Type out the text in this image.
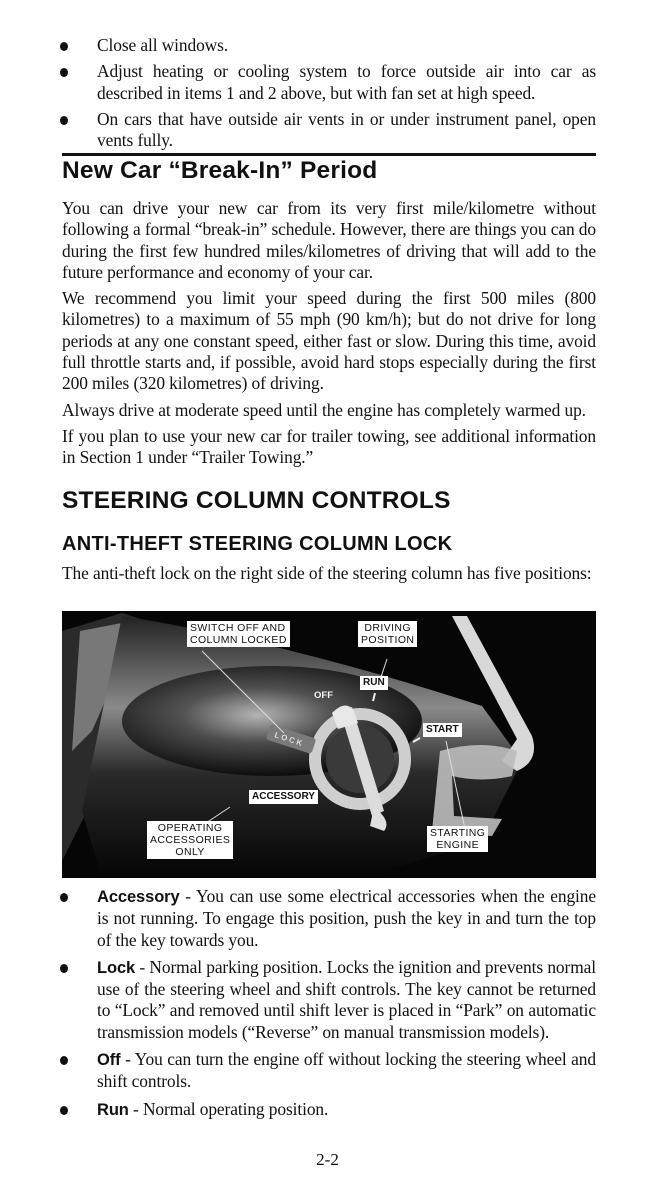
Close all windows.
Adjust heating or cooling system to force outside air into car as described in items 1 and 2 above, but with fan set at high speed.
On cars that have outside air vents in or under instrument panel, open vents fully.
New Car “Break-In” Period

You can drive your new car from its very first mile/kilometre without following a formal “break-in” schedule. However, there are things you can do during the first few hundred miles/kilometres of driving that will add to the future performance and economy of your car.

We recommend you limit your speed during the first 500 miles (800 kilometres) to a maximum of 55 mph (90 km/h); but do not drive for long periods at any one constant speed, either fast or slow. During this time, avoid full throttle starts and, if possible, avoid hard stops especially during the first 200 miles (320 kilometres) of driving.

Always drive at moderate speed until the engine has completely warmed up.

If you plan to use your new car for trailer towing, see additional information in Section 1 under “Trailer Towing.”

STEERING COLUMN CONTROLS
ANTI-THEFT STEERING COLUMN LOCK

The anti-theft lock on the right side of the steering column has five positions:

SWITCH OFF AND
COLUMN LOCKED
DRIVING
POSITION
RUN
OFF
START
ACCESSORY
LOCK
OPERATING
ACCESSORIES
ONLY
STARTING
ENGINE
Accessory - You can use some electrical accessories when the engine is not running. To engage this position, push the key in and turn the top of the key towards you.
Lock - Normal parking position. Locks the ignition and prevents normal use of the steering wheel and shift controls. The key cannot be returned to “Lock” and removed until shift lever is placed in “Park” on automatic transmission models (“Reverse” on manual transmission models).
Off - You can turn the engine off without locking the steering wheel and shift controls.
Run - Normal operating position.
2-2
